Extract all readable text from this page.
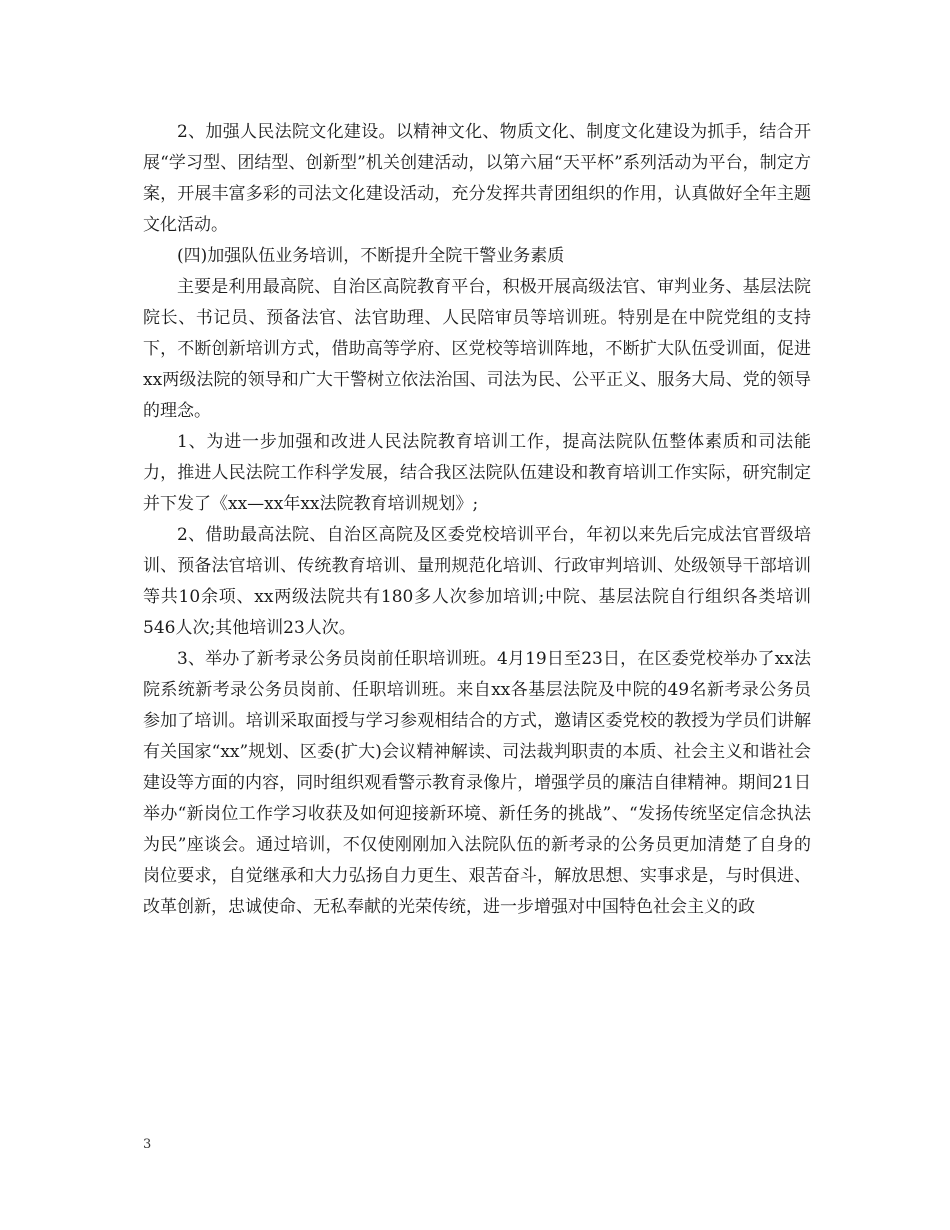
2、加强人民法院文化建设。以精神文化、物质文化、制度文化建设为抓手，结合开展“学习型、团结型、创新型”机关创建活动，以第六届“天平杯”系列活动为平台，制定方案，开展丰富多彩的司法文化建设活动，充分发挥共青团组织的作用，认真做好全年主题文化活动。

(四)加强队伍业务培训，不断提升全院干警业务素质

主要是利用最高院、自治区高院教育平台，积极开展高级法官、审判业务、基层法院院长、书记员、预备法官、法官助理、人民陪审员等培训班。特别是在中院党组的支持下，不断创新培训方式，借助高等学府、区党校等培训阵地，不断扩大队伍受训面，促进xx两级法院的领导和广大干警树立依法治国、司法为民、公平正义、服务大局、党的领导的理念。

1、为进一步加强和改进人民法院教育培训工作，提高法院队伍整体素质和司法能力，推进人民法院工作科学发展，结合我区法院队伍建设和教育培训工作实际，研究制定并下发了《xx—xx年xx法院教育培训规划》;

2、借助最高法院、自治区高院及区委党校培训平台，年初以来先后完成法官晋级培训、预备法官培训、传统教育培训、量刑规范化培训、行政审判培训、处级领导干部培训等共10余项、xx两级法院共有180多人次参加培训;中院、基层法院自行组织各类培训546人次;其他培训23人次。

3、举办了新考录公务员岗前任职培训班。4月19日至23日，在区委党校举办了xx法院系统新考录公务员岗前、任职培训班。来自xx各基层法院及中院的49名新考录公务员参加了培训。培训采取面授与学习参观相结合的方式，邀请区委党校的教授为学员们讲解有关国家“xx”规划、区委(扩大)会议精神解读、司法裁判职责的本质、社会主义和谐社会建设等方面的内容，同时组织观看警示教育录像片，增强学员的廉洁自律精神。期间21日举办“新岗位工作学习收获及如何迎接新环境、新任务的挑战”、“发扬传统坚定信念执法为民”座谈会。通过培训，不仅使刚刚加入法院队伍的新考录的公务员更加清楚了自身的岗位要求，自觉继承和大力弘扬自力更生、艰苦奋斗，解放思想、实事求是，与时俱进、改革创新，忠诚使命、无私奉献的光荣传统，进一步增强对中国特色社会主义的政

3
